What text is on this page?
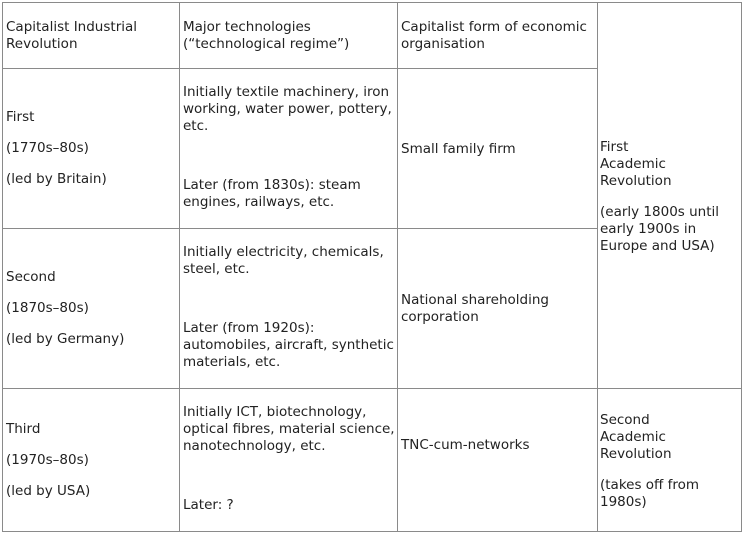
Capitalist Industrial Revolution

Major technologies (“technological regime”)

Capitalist form of economic organisation

First

(1770s–80s)

(led by Britain)

Initially textile machinery, iron working, water power, pottery, etc.

Later (from 1830s): steam engines, railways, etc.

Small family firm

Second

(1870s–80s)

(led by Germany)

Initially electricity, chemicals, steel, etc.

Later (from 1920s): automobiles, aircraft, synthetic materials, etc.

National shareholding corporation

Third

(1970s–80s)

(led by USA)

Initially ICT, biotechnology, optical fibres, material science, nanotechnology, etc.

Later: ?

TNC-cum-networks

First Academic Revolution

(early 1800s until early 1900s in Europe and USA)

Second Academic Revolution

(takes off from 1980s)
